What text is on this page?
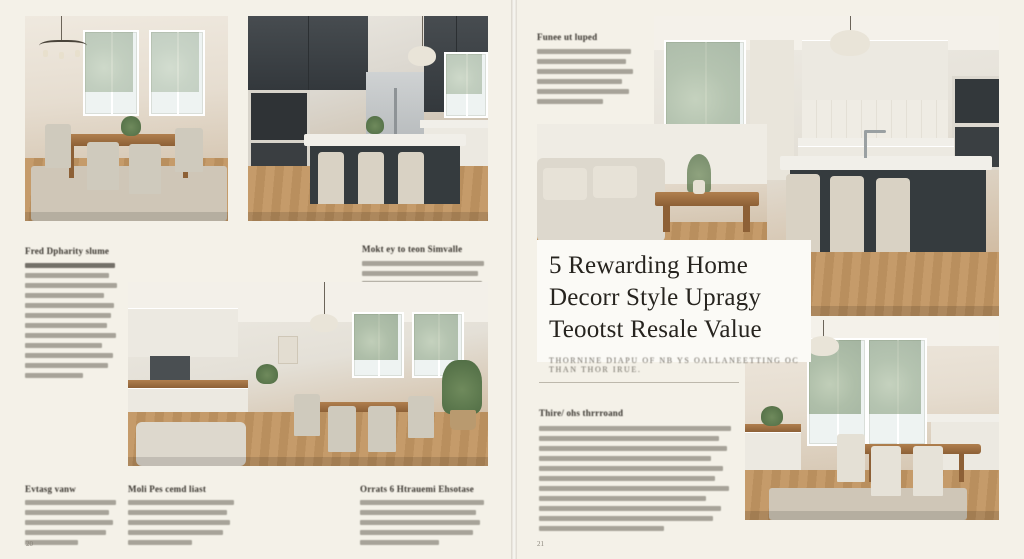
Fred Dpharity slume	Mokt ey to teon Simvalle
Evtasg vanw	Moli Pes cemd liast	Orrats 6 Htrauemi Ehsotase
20
Funee ut luped
5 Rewarding Home
Decorr Style Upragy
Teootst Resale Value
THORNINE DIAPU OF NB YS OALLANEETTING OC THAN THOR IRUE.
Thire/ ohs thrrroand
21
